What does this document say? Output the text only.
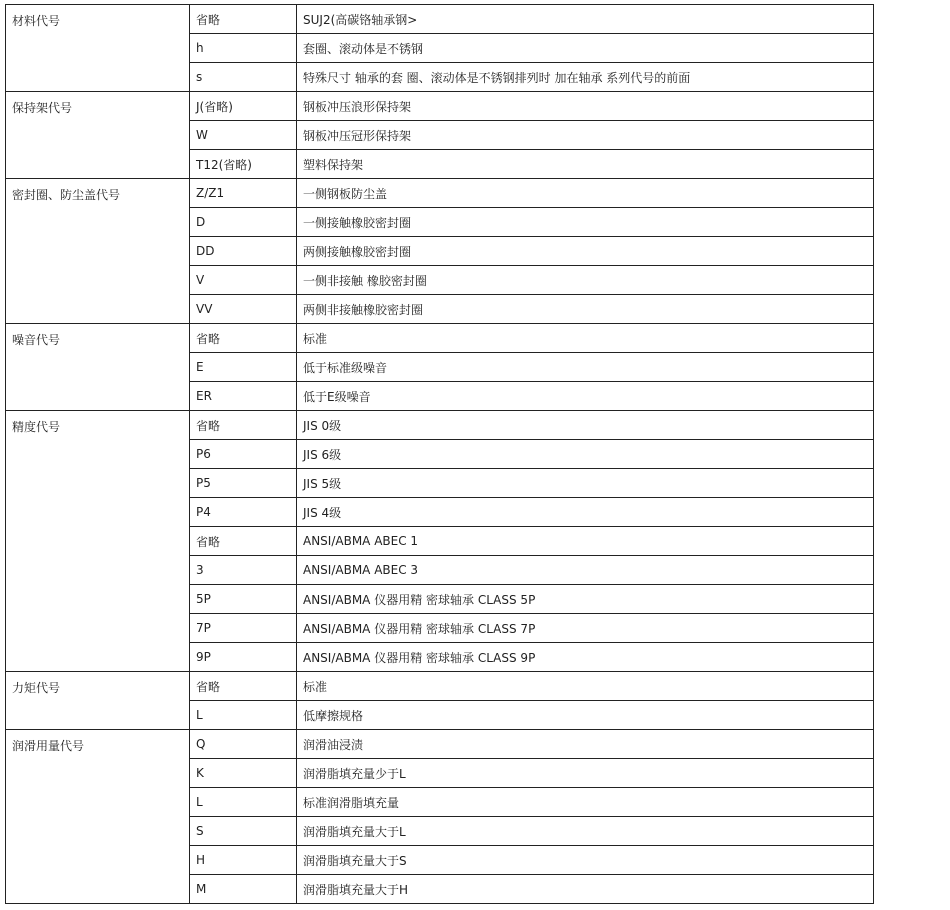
材料代号	省略	SUJ2(高碳铬轴承钢>
	h	套圈、滚动体是不锈钢
	s	特殊尺寸 轴承的套 圈、滚动体是不锈钢排列时 加在轴承 系列代号的前面
保持架代号	J(省略)	钢板冲压浪形保持架
	W	钢板冲压冠形保持架
	T12(省略)	塑料保持架
密封圈、防尘盖代号	Z/Z1	一侧钢板防尘盖
	D	一侧接触橡胶密封圈
	DD	两侧接触橡胶密封圈
	V	一侧非接触 橡胶密封圈
	VV	两侧非接触橡胶密封圈
噪音代号	省略	标准
	E	低于标准级噪音
	ER	低于E级噪音
精度代号	省略	JIS 0级
	P6	JIS 6级
	P5	JIS 5级
	P4	JIS 4级
	省略	ANSI/ABMA ABEC 1
	3	ANSI/ABMA ABEC 3
	5P	ANSI/ABMA 仪器用精 密球轴承 CLASS 5P
	7P	ANSI/ABMA 仪器用精 密球轴承 CLASS 7P
	9P	ANSI/ABMA 仪器用精 密球轴承 CLASS 9P
力矩代号	省略	标准
	L	低摩擦规格
润滑用量代号	Q	润滑油浸渍
	K	润滑脂填充量少于L
	L	标准润滑脂填充量
	S	润滑脂填充量大于L
	H	润滑脂填充量大于S
	M	润滑脂填充量大于H
